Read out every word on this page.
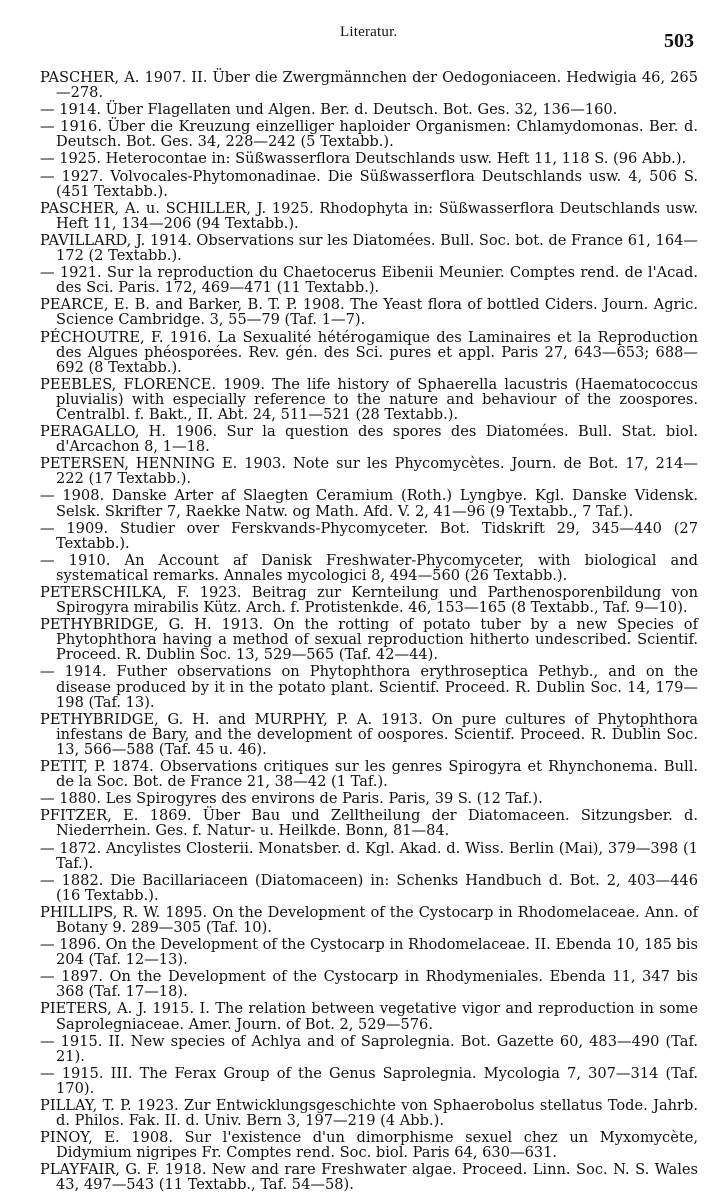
Literatur.	503

PASCHER, A. 1907. II. Über die Zwergmännchen der Oedogoniaceen. Hedwigia 46, 265—278.

— 1914. Über Flagellaten und Algen. Ber. d. Deutsch. Bot. Ges. 32, 136—160.

— 1916. Über die Kreuzung einzelliger haploider Organismen: Chlamydomonas. Ber. d. Deutsch. Bot. Ges. 34, 228—242 (5 Textabb.).

— 1925. Heterocontae in: Süßwasserflora Deutschlands usw. Heft 11, 118 S. (96 Abb.).

— 1927. Volvocales-Phytomonadinae. Die Süßwasserflora Deutschlands usw. 4, 506 S. (451 Textabb.).

PASCHER, A. u. SCHILLER, J. 1925. Rhodophyta in: Süßwasserflora Deutschlands usw. Heft 11, 134—206 (94 Textabb.).

PAVILLARD, J. 1914. Observations sur les Diatomées. Bull. Soc. bot. de France 61, 164—172 (2 Textabb.).

— 1921. Sur la reproduction du Chaetocerus Eibenii Meunier. Comptes rend. de l'Acad. des Sci. Paris. 172, 469—471 (11 Textabb.).

PEARCE, E. B. and Barker, B. T. P. 1908. The Yeast flora of bottled Ciders. Journ. Agric. Science Cambridge. 3, 55—79 (Taf. 1—7).

PÉCHOUTRE, F. 1916. La Sexualité hétérogamique des Laminaires et la Reproduction des Algues phéosporées. Rev. gén. des Sci. pures et appl. Paris 27, 643—653; 688—692 (8 Textabb.).

PEEBLES, FLORENCE. 1909. The life history of Sphaerella lacustris (Haematococcus pluvialis) with especially reference to the nature and behaviour of the zoospores. Centralbl. f. Bakt., II. Abt. 24, 511—521 (28 Textabb.).

PERAGALLO, H. 1906. Sur la question des spores des Diatomées. Bull. Stat. biol. d'Arcachon 8, 1—18.

PETERSEN, HENNING E. 1903. Note sur les Phycomycètes. Journ. de Bot. 17, 214—222 (17 Textabb.).

— 1908. Danske Arter af Slaegten Ceramium (Roth.) Lyngbye. Kgl. Danske Vidensk. Selsk. Skrifter 7, Raekke Natw. og Math. Afd. V. 2, 41—96 (9 Textabb., 7 Taf.).

— 1909. Studier over Ferskvands-Phycomyceter. Bot. Tidskrift 29, 345—440 (27 Textabb.).

— 1910. An Account af Danisk Freshwater-Phycomyceter, with biological and systematical remarks. Annales mycologici 8, 494—560 (26 Textabb.).

PETERSCHILKA, F. 1923. Beitrag zur Kernteilung und Parthenosporenbildung von Spirogyra mirabilis Kütz. Arch. f. Protistenkde. 46, 153—165 (8 Textabb., Taf. 9—10).

PETHYBRIDGE, G. H. 1913. On the rotting of potato tuber by a new Species of Phytophthora having a method of sexual reproduction hitherto undescribed. Scientif. Proceed. R. Dublin Soc. 13, 529—565 (Taf. 42—44).

— 1914. Futher observations on Phytophthora erythroseptica Pethyb., and on the disease produced by it in the potato plant. Scientif. Proceed. R. Dublin Soc. 14, 179—198 (Taf. 13).

PETHYBRIDGE, G. H. and MURPHY, P. A. 1913. On pure cultures of Phytophthora infestans de Bary, and the development of oospores. Scientif. Proceed. R. Dublin Soc. 13, 566—588 (Taf. 45 u. 46).

PETIT, P. 1874. Observations critiques sur les genres Spirogyra et Rhynchonema. Bull. de la Soc. Bot. de France 21, 38—42 (1 Taf.).

— 1880. Les Spirogyres des environs de Paris. Paris, 39 S. (12 Taf.).

PFITZER, E. 1869. Über Bau und Zelltheilung der Diatomaceen. Sitzungsber. d. Niederrhein. Ges. f. Natur- u. Heilkde. Bonn, 81—84.

— 1872. Ancylistes Closterii. Monatsber. d. Kgl. Akad. d. Wiss. Berlin (Mai), 379—398 (1 Taf.).

— 1882. Die Bacillariaceen (Diatomaceen) in: Schenks Handbuch d. Bot. 2, 403—446 (16 Textabb.).

PHILLIPS, R. W. 1895. On the Development of the Cystocarp in Rhodomelaceae. Ann. of Botany 9. 289—305 (Taf. 10).

— 1896. On the Development of the Cystocarp in Rhodomelaceae. II. Ebenda 10, 185 bis 204 (Taf. 12—13).

— 1897. On the Development of the Cystocarp in Rhodymeniales. Ebenda 11, 347 bis 368 (Taf. 17—18).

PIETERS, A. J. 1915. I. The relation between vegetative vigor and reproduction in some Saprolegniaceae. Amer. Journ. of Bot. 2, 529—576.

— 1915. II. New species of Achlya and of Saprolegnia. Bot. Gazette 60, 483—490 (Taf. 21).

— 1915. III. The Ferax Group of the Genus Saprolegnia. Mycologia 7, 307—314 (Taf. 170).

PILLAY, T. P. 1923. Zur Entwicklungsgeschichte von Sphaerobolus stellatus Tode. Jahrb. d. Philos. Fak. II. d. Univ. Bern 3, 197—219 (4 Abb.).

PINOY, E. 1908. Sur l'existence d'un dimorphisme sexuel chez un Myxomycète, Didymium nigripes Fr. Comptes rend. Soc. biol. Paris 64, 630—631.

PLAYFAIR, G. F. 1918. New and rare Freshwater algae. Proceed. Linn. Soc. N. S. Wales 43, 497—543 (11 Textabb., Taf. 54—58).
